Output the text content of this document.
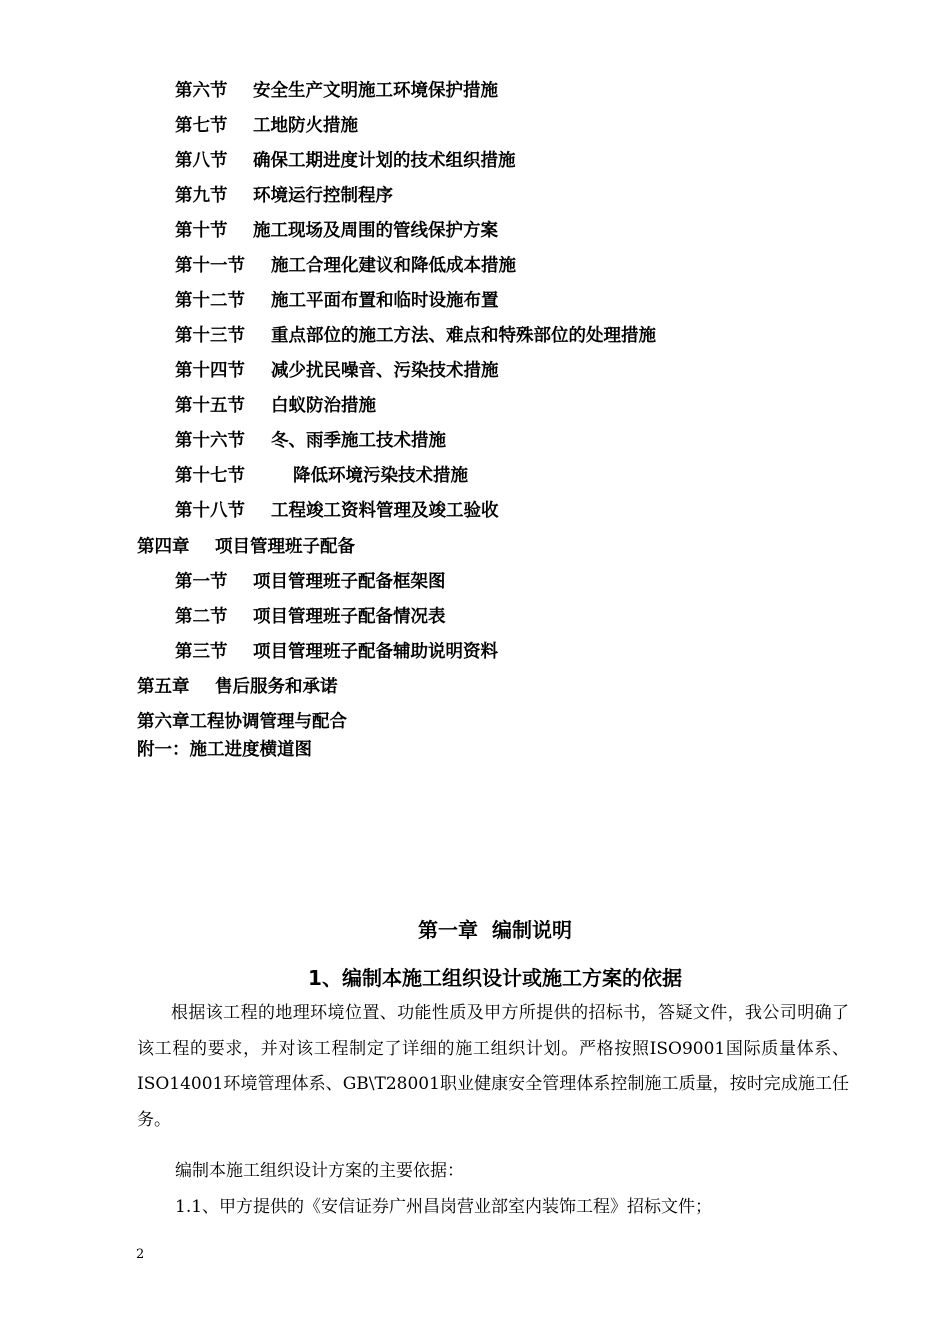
第六节 安全生产文明施工环境保护措施
第七节 工地防火措施
第八节 确保工期进度计划的技术组织措施
第九节 环境运行控制程序
第十节 施工现场及周围的管线保护方案
第十一节 施工合理化建议和降低成本措施
第十二节 施工平面布置和临时设施布置
第十三节 重点部位的施工方法、难点和特殊部位的处理措施
第十四节 减少扰民噪音、污染技术措施
第十五节 白蚁防治措施
第十六节 冬、雨季施工技术措施
第十七节	降低环境污染技术措施
第十八节 工程竣工资料管理及竣工验收
第四章 项目管理班子配备
第一节 项目管理班子配备框架图
第二节 项目管理班子配备情况表
第三节 项目管理班子配备辅助说明资料
第五章 售后服务和承诺
第六章工程协调管理与配合
附一：施工进度横道图
第一章  编制说明
1、编制本施工组织设计或施工方案的依据
根据该工程的地理环境位置、功能性质及甲方所提供的招标书，答疑文件，我公司明确了该工程的要求，并对该工程制定了详细的施工组织计划。严格按照ISO9001国际质量体系、ISO14001环境管理体系、GB\T28001职业健康安全管理体系控制施工质量，按时完成施工任务。
编制本施工组织设计方案的主要依据：
1.1、甲方提供的《安信证券广州昌岗营业部室内装饰工程》招标文件；
2
